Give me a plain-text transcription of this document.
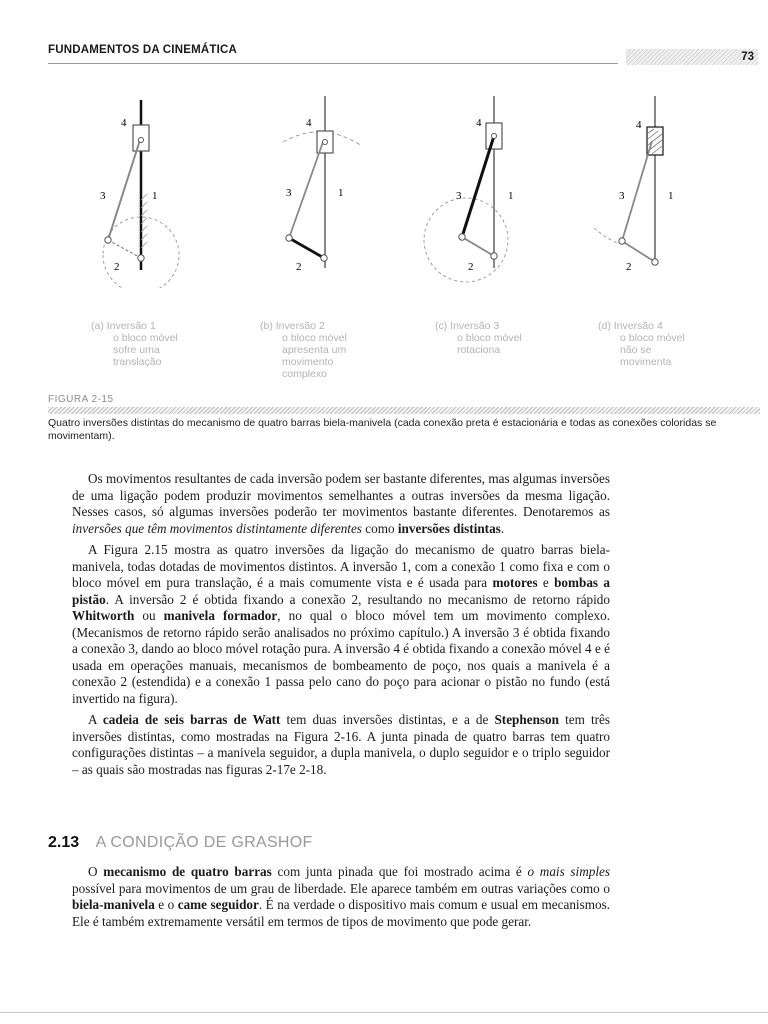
FUNDAMENTOS DA CINEMÁTICA
73
4
3	1
2
4
3	1
2
4
3	1
2
4
3	1
2
(a) Inversão 1
o bloco móvel
sofre uma
translação
(b) Inversão 2
o bloco móvel
apresenta um
movimento
complexo
(c) Inversão 3
o bloco móvel
rotaciona
(d) Inversão 4
o bloco móvel
não se
movimenta
FIGURA 2-15
Quatro inversões distintas do mecanismo de quatro barras biela-manivela (cada conexão preta é estacionária e todas as conexões coloridas se movimentam).

Os movimentos resultantes de cada inversão podem ser bastante diferentes, mas algumas inversões de uma ligação podem produzir movimentos semelhantes a outras inversões da mesma ligação. Nesses casos, só algumas inversões poderão ter movimentos bastante diferentes. Denotaremos as inversões que têm movimentos distintamente diferentes como inversões distintas.

A Figura 2.15 mostra as quatro inversões da ligação do mecanismo de quatro barras biela-manivela, todas dotadas de movimentos distintos. A inversão 1, com a conexão 1 como fixa e com o bloco móvel em pura translação, é a mais comumente vista e é usada para motores e bombas a pistão. A inversão 2 é obtida fixando a conexão 2, resultando no mecanismo de retorno rápido Whitworth ou manivela formador, no qual o bloco móvel tem um movimento complexo. (Mecanismos de retorno rápido serão analisados no próximo capítulo.) A inversão 3 é obtida fixando a conexão 3, dando ao bloco móvel rotação pura. A inversão 4 é obtida fixando a conexão móvel 4 e é usada em operações manuais, mecanismos de bombeamento de poço, nos quais a manivela é a conexão 2 (estendida) e a conexão 1 passa pelo cano do poço para acionar o pistão no fundo (está invertido na figura).

A cadeia de seis barras de Watt tem duas inversões distintas, e a de Stephenson tem três inversões distintas, como mostradas na Figura 2-16. A junta pinada de quatro barras tem quatro configurações distintas – a manivela seguidor, a dupla manivela, o duplo seguidor e o triplo seguidor – as quais são mostradas nas figuras 2-17e 2-18.

2.13 A CONDIÇÃO DE GRASHOF

O mecanismo de quatro barras com junta pinada que foi mostrado acima é o mais simples possível para movimentos de um grau de liberdade. Ele aparece também em outras variações como o biela-manivela e o came seguidor. É na verdade o dispositivo mais comum e usual em mecanismos. Ele é também extremamente versátil em termos de tipos de movimento que pode gerar.
